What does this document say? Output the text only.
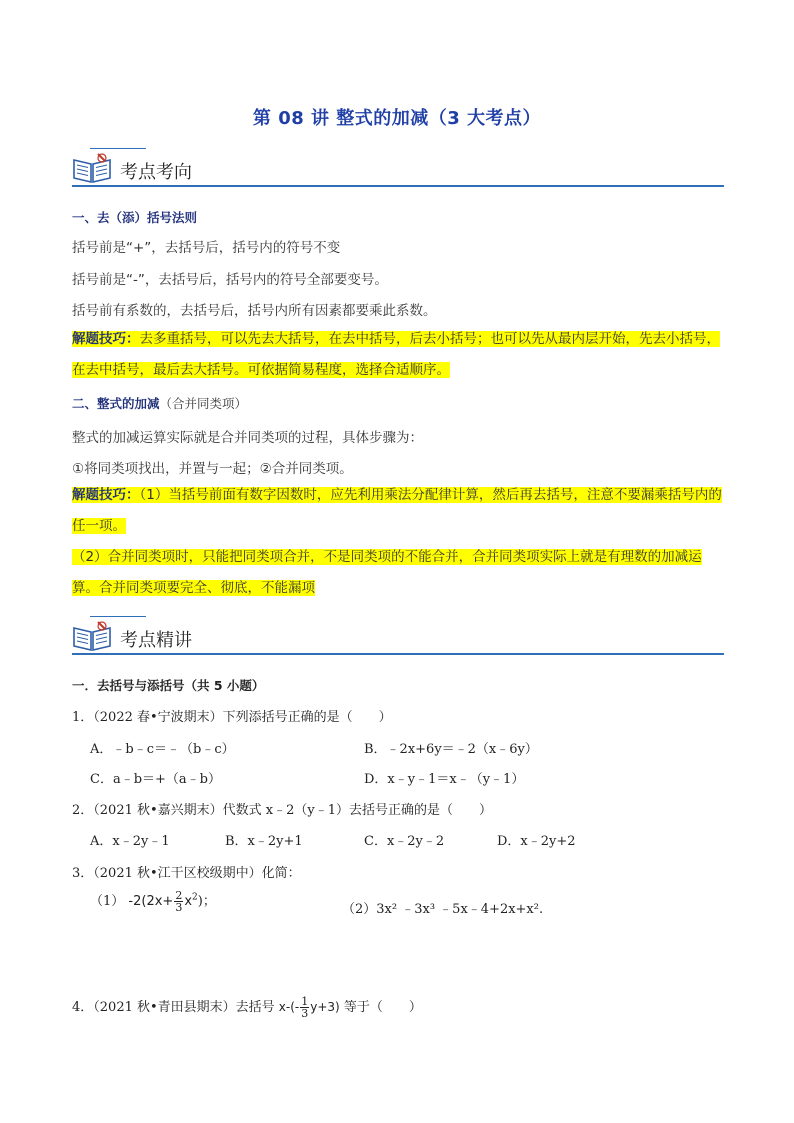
第 08 讲 整式的加减（3 大考点）
考点考向
一、去（添）括号法则
括号前是“+”，去括号后，括号内的符号不变
括号前是“-”，去括号后，括号内的符号全部要变号。
括号前有系数的，去括号后，括号内所有因素都要乘此系数。
解题技巧：去多重括号，可以先去大括号，在去中括号，后去小括号；也可以先从最内层开始，先去小括号，在去中括号，最后去大括号。可依据简易程度，选择合适顺序。
二、整式的加减（合并同类项）
整式的加减运算实际就是合并同类项的过程，具体步骤为：
①将同类项找出，并置与一起；②合并同类项。
解题技巧：（1）当括号前面有数字因数时，应先利用乘法分配律计算，然后再去括号，注意不要漏乘括号内的任一项。
（2）合并同类项时，只能把同类项合并，不是同类项的不能合并，合并同类项实际上就是有理数的加减运算。合并同类项要完全、彻底，不能漏项
考点精讲
一．去括号与添括号（共 5 小题）
1．（2022 春•宁波期末）下列添括号正确的是（　　）
A．﹣b﹣c＝﹣（b﹣c）	B．﹣2x+6y＝﹣2（x﹣6y）
C．a﹣b＝+（a﹣b）	D．x﹣y﹣1＝x﹣（y﹣1）
2．（2021 秋•嘉兴期末）代数式 x﹣2（y﹣1）去括号正确的是（　　）
A．x﹣2y﹣1	B．x﹣2y+1	C．x﹣2y﹣2	D．x﹣2y+2
3．（2021 秋•江干区校级期中）化简：
（1） $-2(2x+ \frac{2}{3} x^2)$；
（2）3x² ﹣3x³ ﹣5x﹣4+2x+x².
4．（2021 秋•青田县期末）去括号 $x-(- \frac{1}{3} y+3)$ 等于（　　）
